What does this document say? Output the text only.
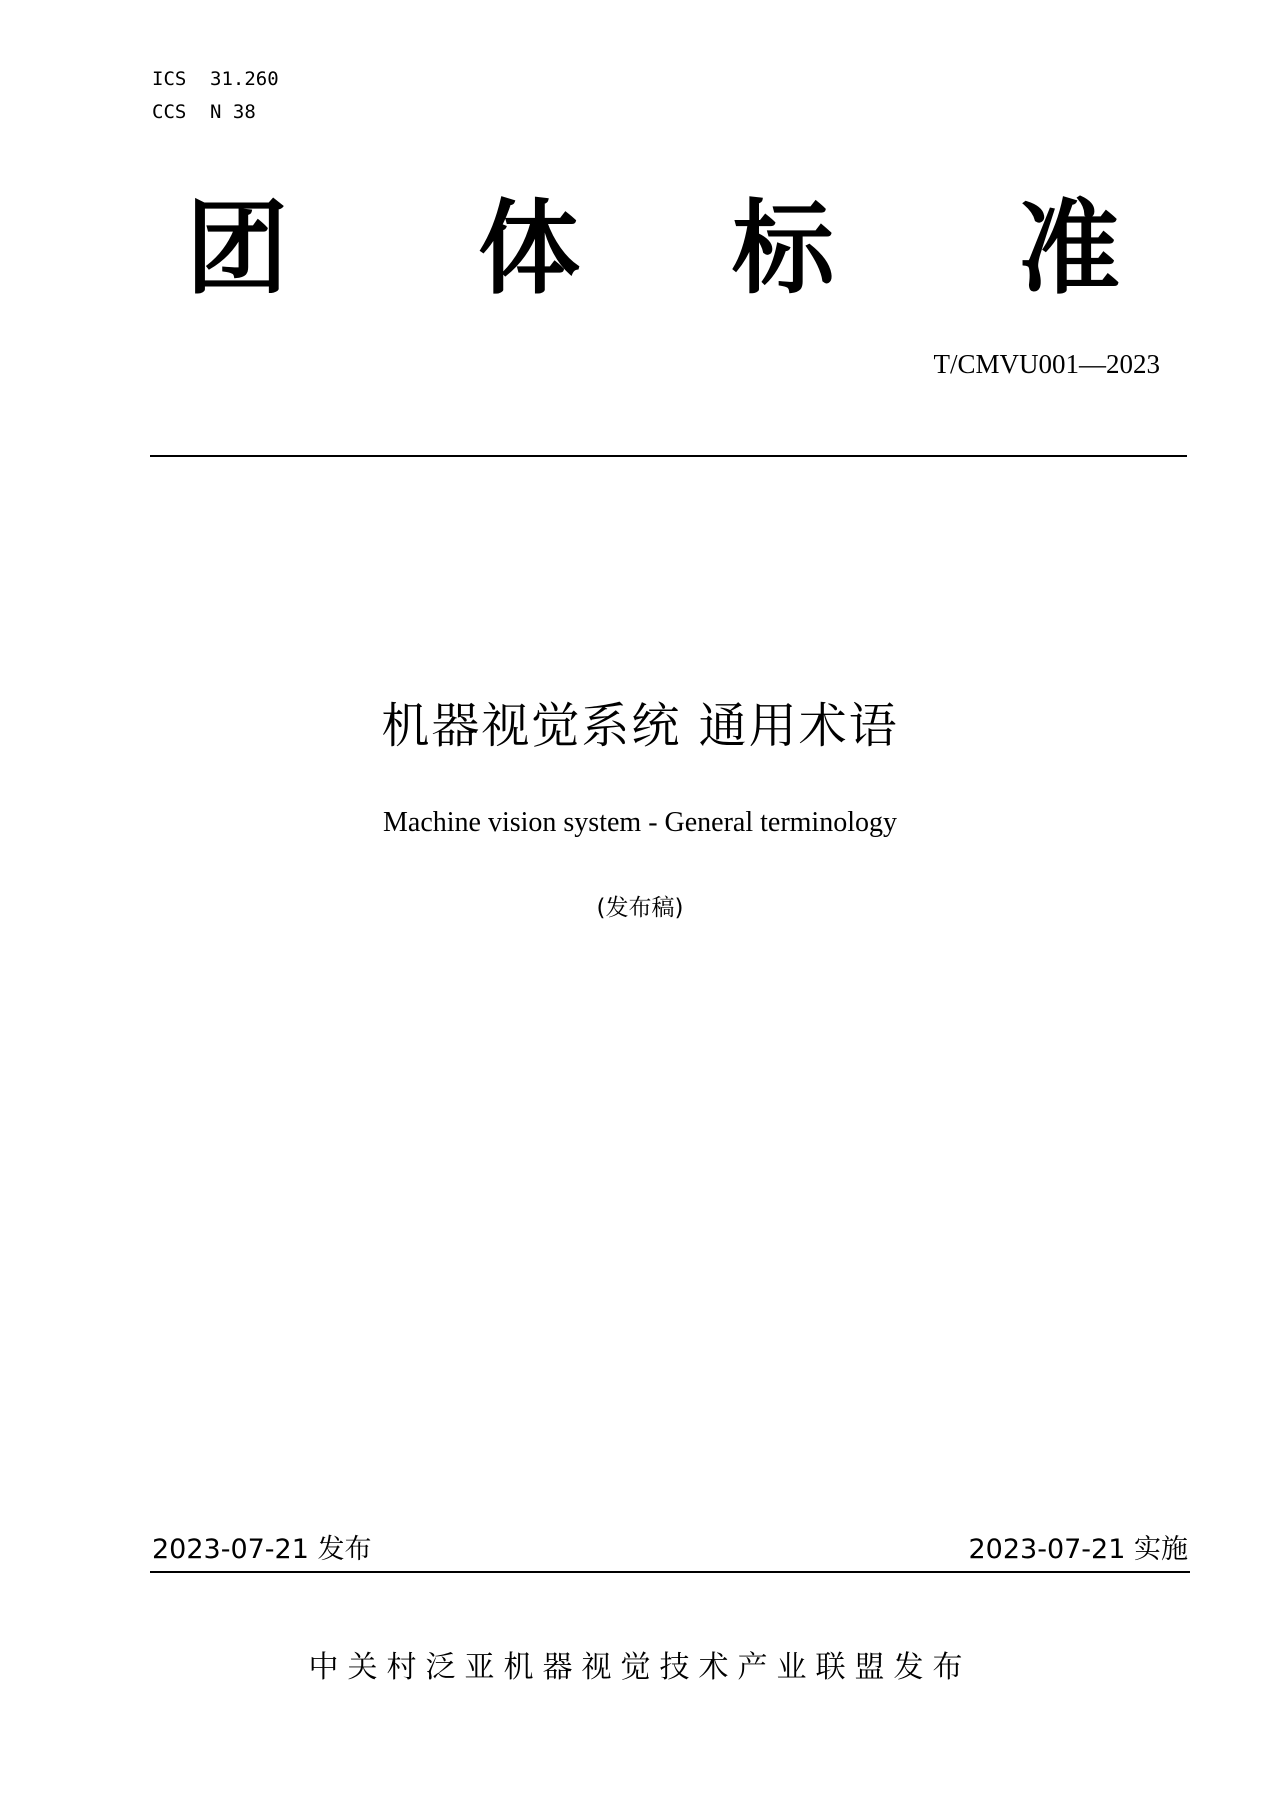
ICS 31.260
CCS N 38
团 体 标 准
T/CMVU001—2023
机器视觉系统 通用术语
Machine vision system - General terminology
(发布稿)
2023-07-21 发布	2023-07-21 实施
中关村泛亚机器视觉技术产业联盟发布
